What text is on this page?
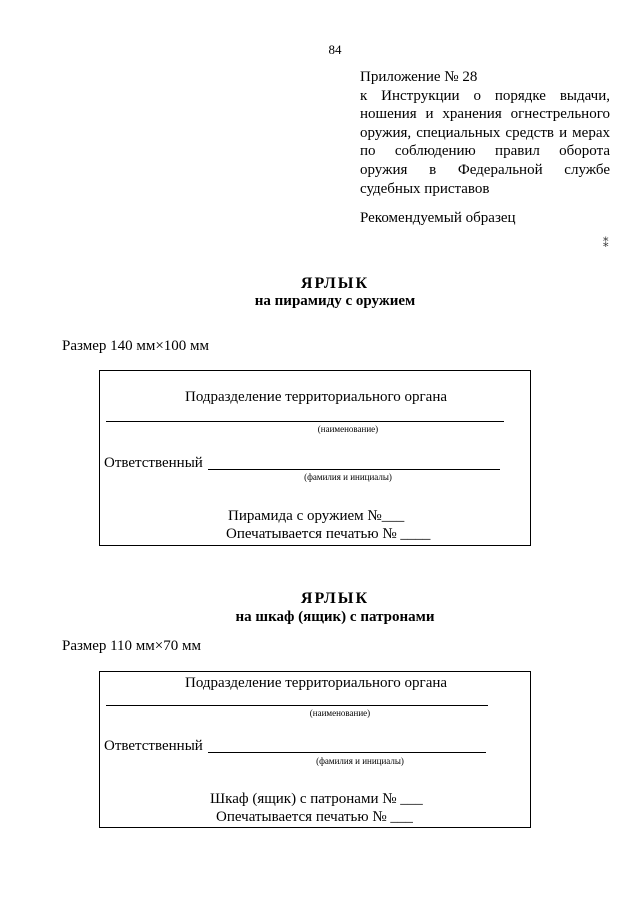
84
Приложение № 28
к Инструкции о порядке выдачи,
ношения и хранения огнестрельного
оружия, специальных средств и мерах
по соблюдению правил оборота
оружия в Федеральной службе
судебных приставов
Рекомендуемый образец
⁑
ЯРЛЫК
на пирамиду с оружием
Размер 140 мм×100 мм
Подразделение территориального органа
(наименование)
Ответственный
(фамилия и инициалы)
Пирамида с оружием №___
Опечатывается печатью № ____
ЯРЛЫК
на шкаф (ящик) с патронами
Размер 110 мм×70 мм
Подразделение территориального органа
(наименование)
Ответственный
(фамилия и инициалы)
Шкаф (ящик) с патронами № ___
Опечатывается печатью № ___
